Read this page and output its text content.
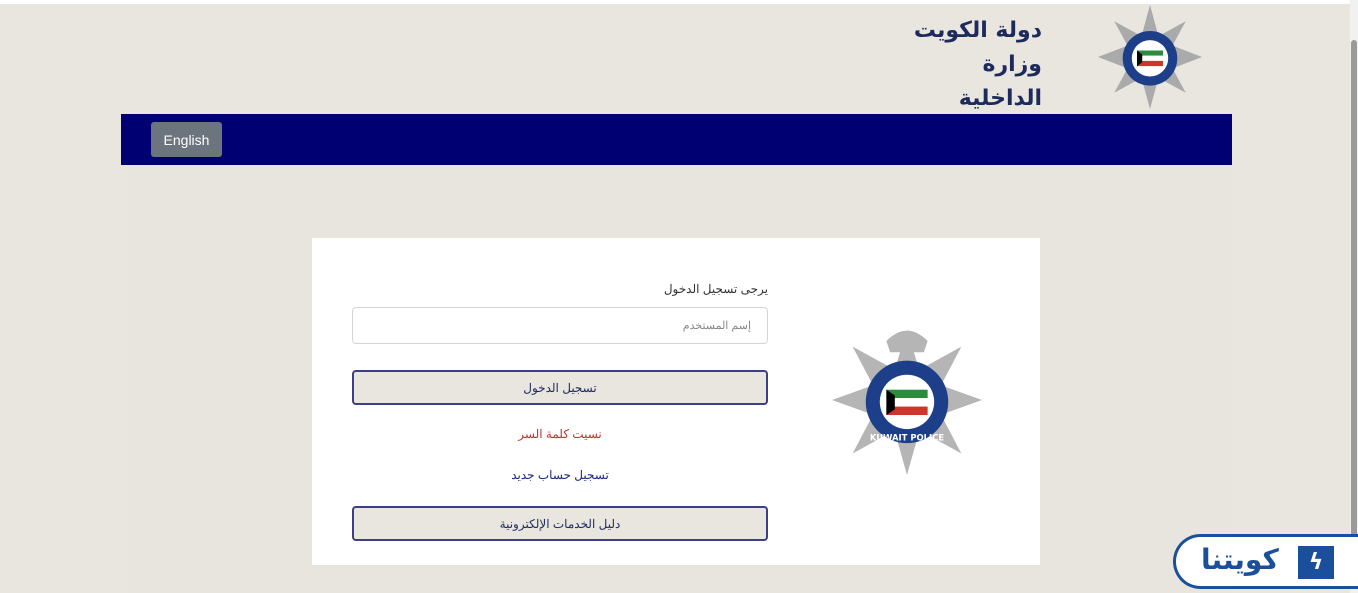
دولة الكويت
وزارة الداخلية
English
يرجى تسجيل الدخول
إسم المستخدم
تسجيل الدخول
نسيت كلمة السر
تسجيل حساب جديد
دليل الخدمات الإلكترونية
KUWAIT POLICE
كويتنا	ϟ
